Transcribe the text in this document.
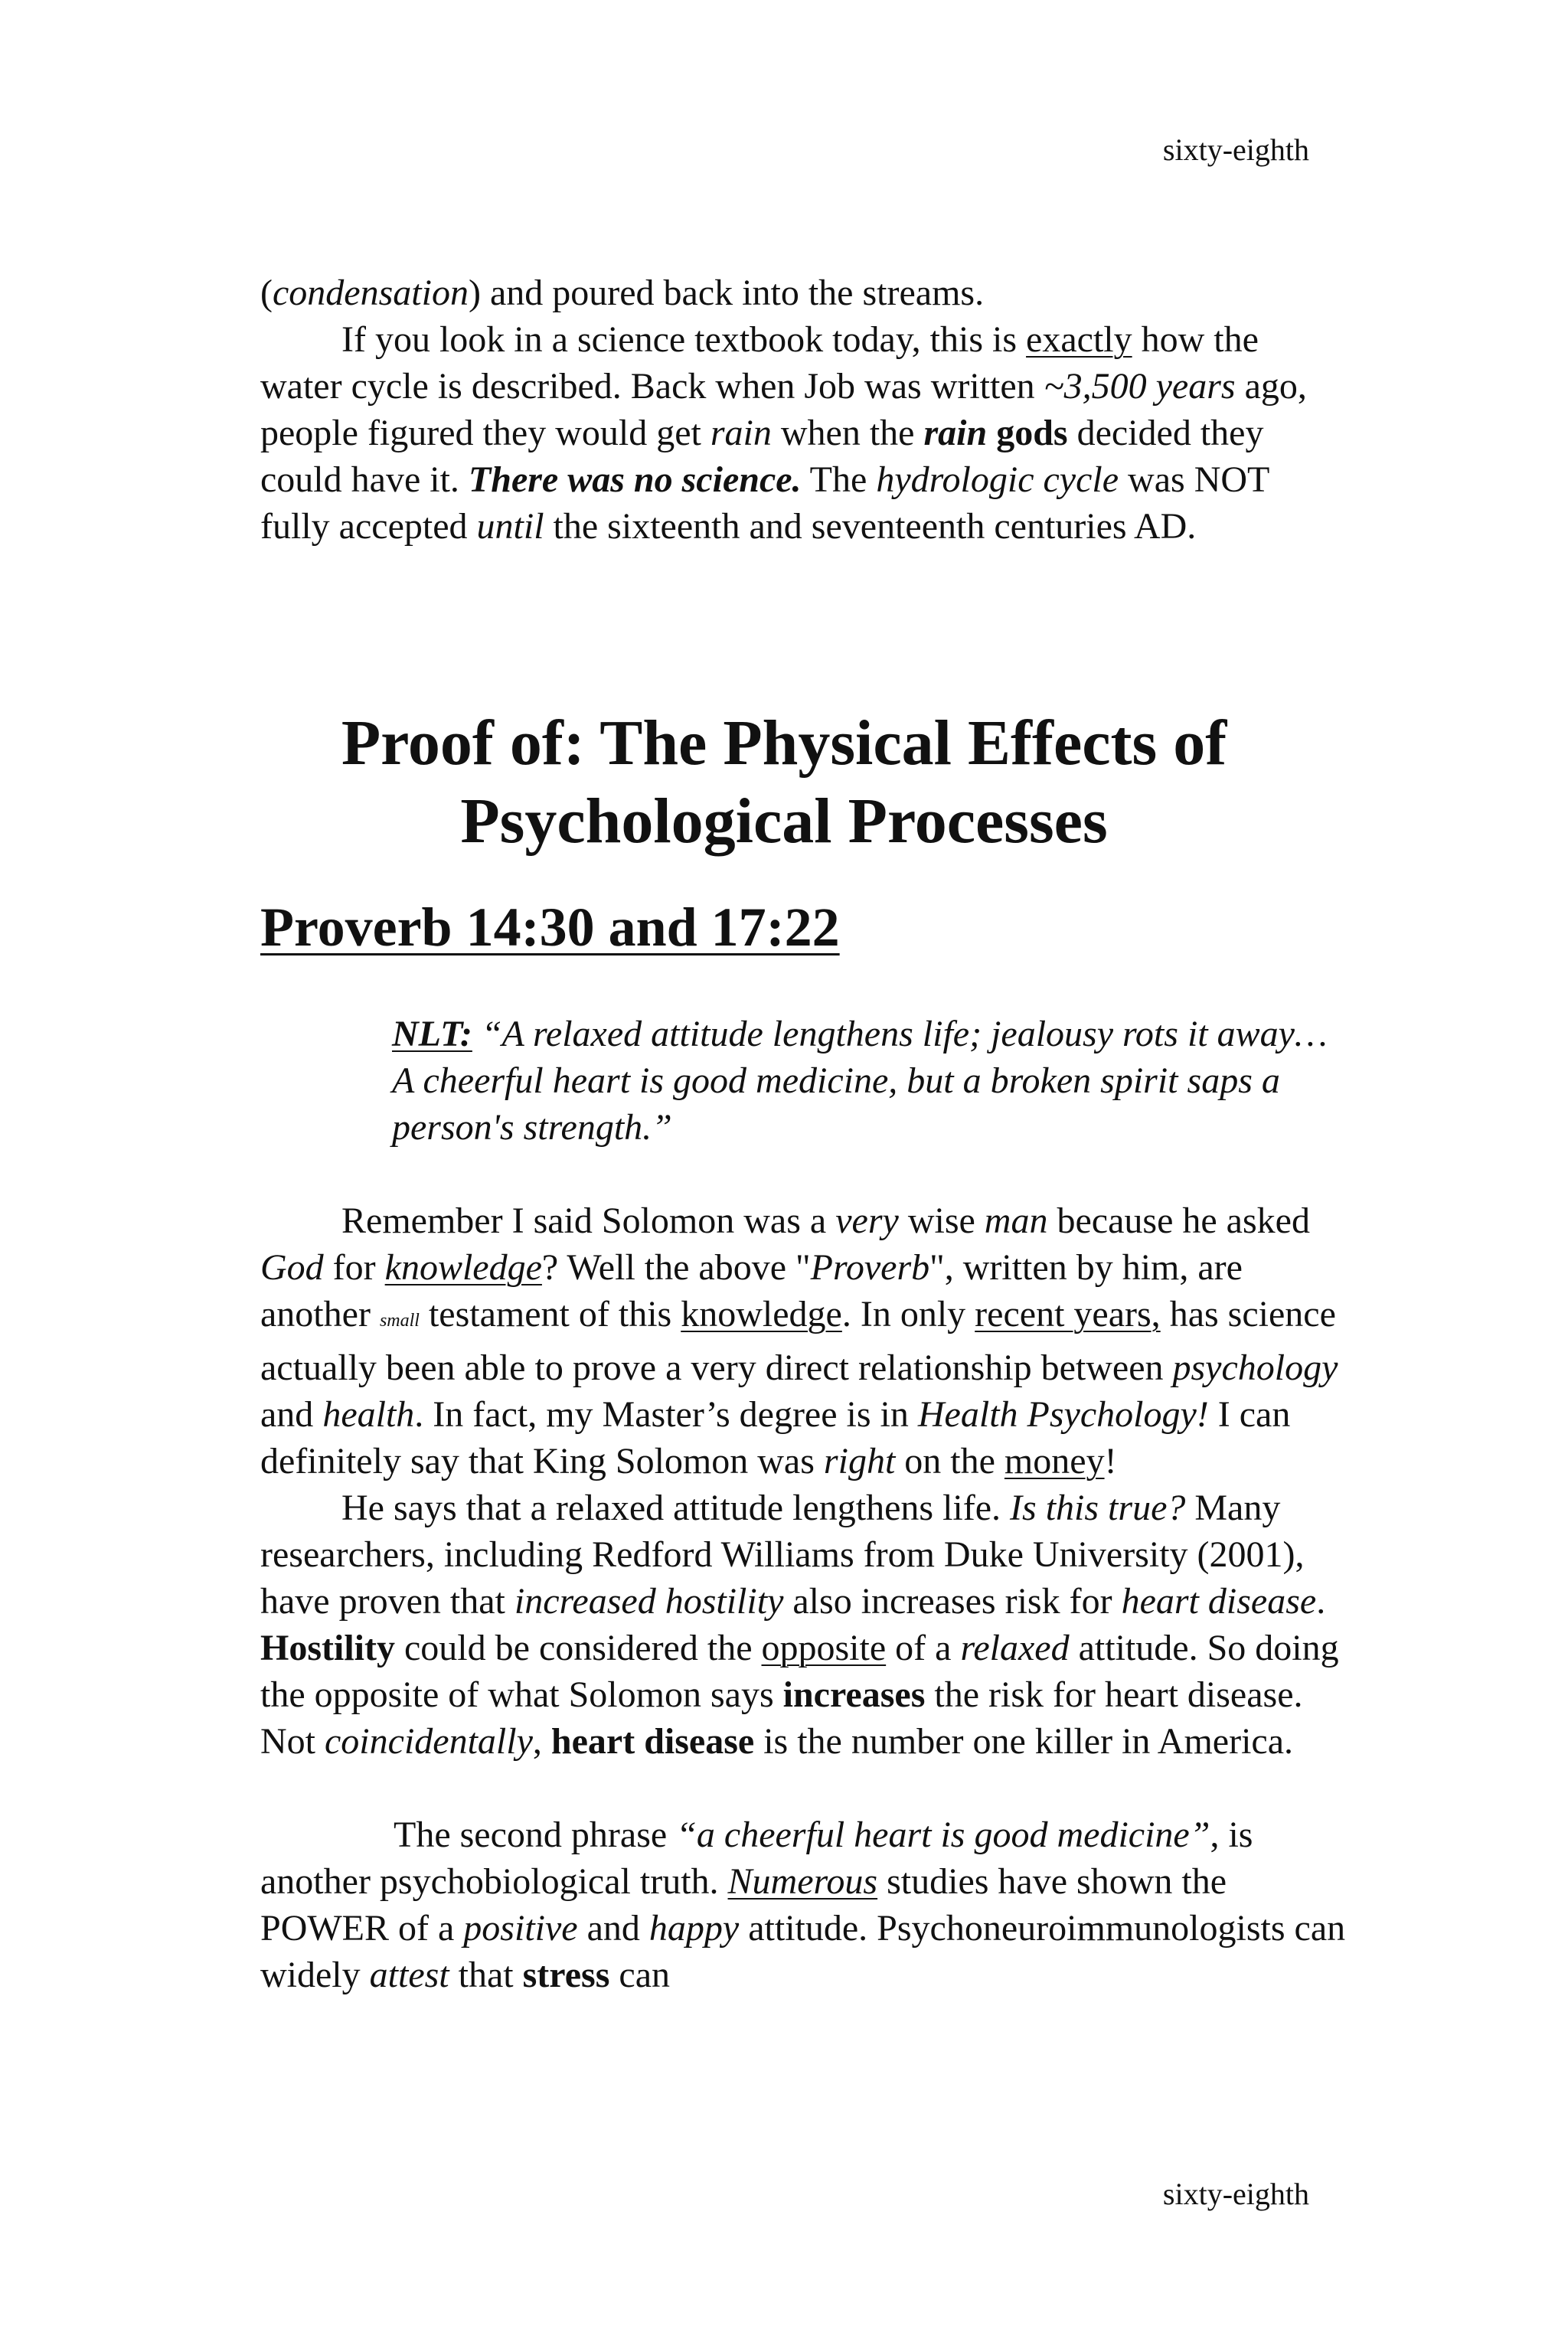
sixty-eighth

(condensation) and poured back into the streams.

If you look in a science textbook today, this is exactly how the water cycle is described. Back when Job was written ~3,500 years ago, people figured they would get rain when the rain gods decided they could have it. There was no science. The hydrologic cycle was NOT fully accepted until the sixteenth and seventeenth centuries AD.

Proof of: The Physical Effects of Psychological Processes
Proverb 14:30 and 17:22

NLT: “A relaxed attitude lengthens life; jealousy rots it away…A cheerful heart is good medicine, but a broken spirit saps a person's strength.”

Remember I said Solomon was a very wise man because he asked God for knowledge? Well the above "Proverb", written by him, are another small testament of this knowledge. In only recent years, has science actually been able to prove a very direct relationship between psychology and health. In fact, my Master’s degree is in Health Psychology! I can definitely say that King Solomon was right on the money!

He says that a relaxed attitude lengthens life. Is this true? Many researchers, including Redford Williams from Duke University (2001), have proven that increased hostility also increases risk for heart disease. Hostility could be considered the opposite of a relaxed attitude. So doing the opposite of what Solomon says increases the risk for heart disease. Not coincidentally, heart disease is the number one killer in America.

The second phrase “a cheerful heart is good medicine”, is another psychobiological truth. Numerous studies have shown the POWER of a positive and happy attitude. Psychoneuroimmunologists can widely attest that stress can

sixty-eighth
